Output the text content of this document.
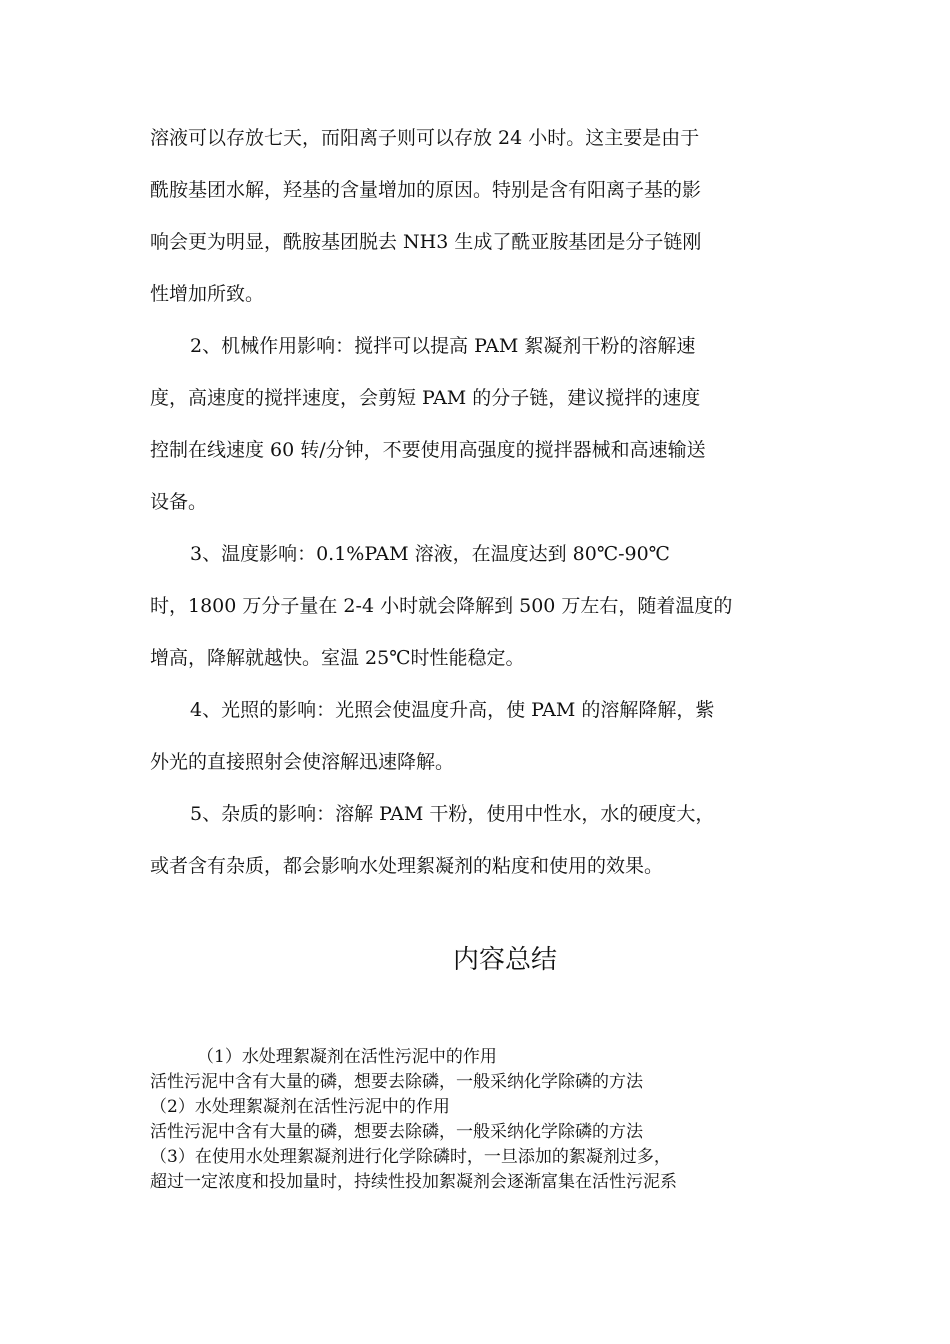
溶液可以存放七天，而阳离子则可以存放 24 小时。这主要是由于
酰胺基团水解，羟基的含量增加的原因。特别是含有阳离子基的影
响会更为明显，酰胺基团脱去 NH3 生成了酰亚胺基团是分子链刚
性增加所致。
2、机械作用影响：搅拌可以提高 PAM 絮凝剂干粉的溶解速
度，高速度的搅拌速度，会剪短 PAM 的分子链，建议搅拌的速度
控制在线速度 60 转/分钟，不要使用高强度的搅拌器械和高速输送
设备。
3、温度影响：0.1%PAM 溶液，在温度达到 80℃-90℃
时，1800 万分子量在 2-4 小时就会降解到 500 万左右，随着温度的
增高，降解就越快。室温 25℃时性能稳定。
4、光照的影响：光照会使温度升高，使 PAM 的溶解降解，紫
外光的直接照射会使溶解迅速降解。
5、杂质的影响：溶解 PAM 干粉，使用中性水，水的硬度大，
或者含有杂质，都会影响水处理絮凝剂的粘度和使用的效果。
内容总结
（1）水处理絮凝剂在活性污泥中的作用
活性污泥中含有大量的磷，想要去除磷，一般采纳化学除磷的方法
（2）水处理絮凝剂在活性污泥中的作用
活性污泥中含有大量的磷，想要去除磷，一般采纳化学除磷的方法
（3）在使用水处理絮凝剂进行化学除磷时，一旦添加的絮凝剂过多，
超过一定浓度和投加量时，持续性投加絮凝剂会逐渐富集在活性污泥系
